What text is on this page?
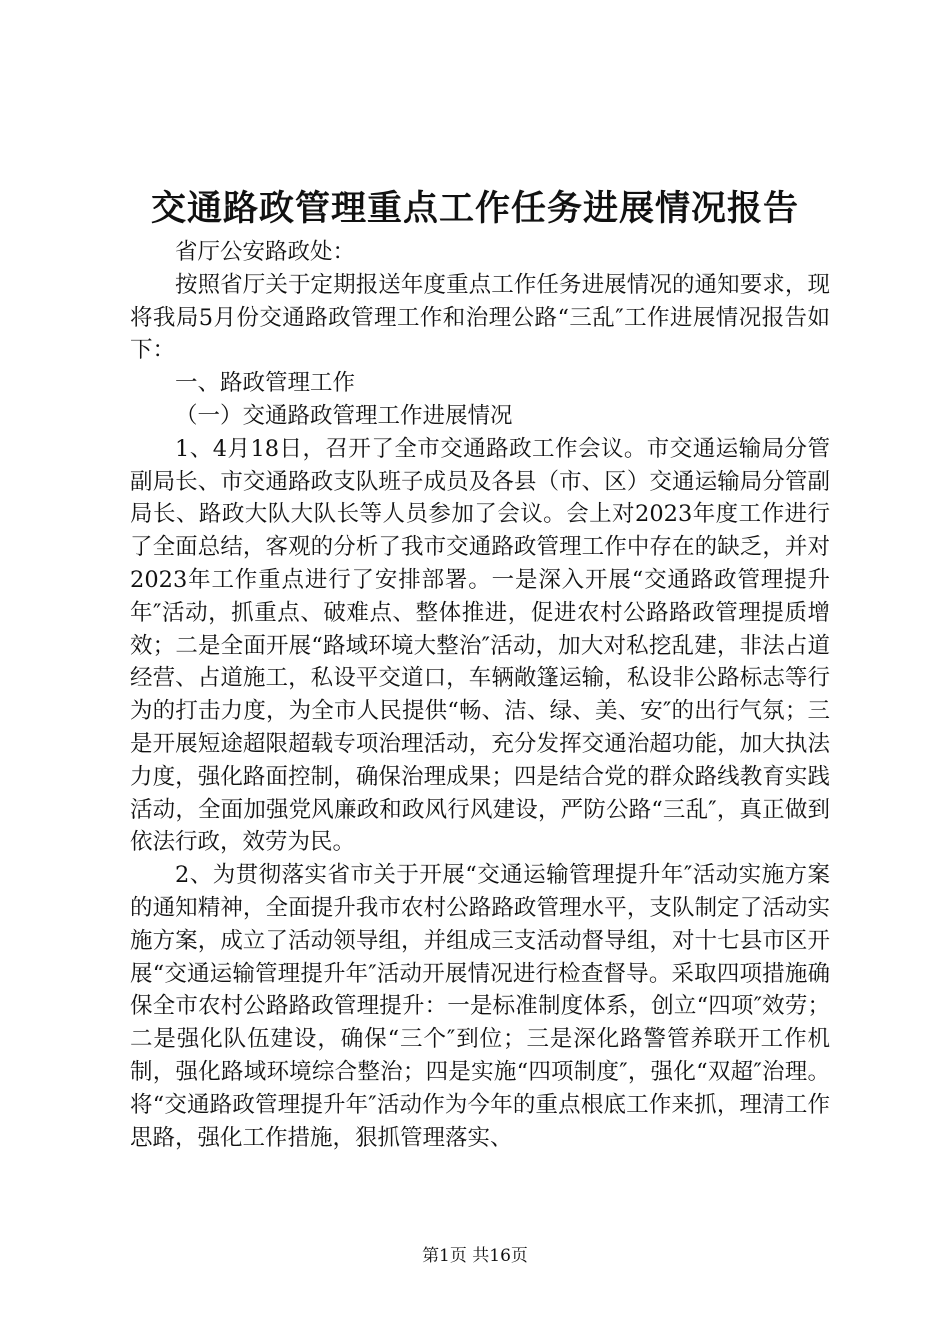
交通路政管理重点工作任务进展情况报告

省厅公安路政处：

按照省厅关于定期报送年度重点工作任务进展情况的通知要求，现将我局5月份交通路政管理工作和治理公路“三乱″工作进展情况报告如下：

一、路政管理工作

（一）交通路政管理工作进展情况

1、4月18日，召开了全市交通路政工作会议。市交通运输局分管副局长、市交通路政支队班子成员及各县（市、区）交通运输局分管副局长、路政大队大队长等人员参加了会议。会上对2023年度工作进行了全面总结，客观的分析了我市交通路政管理工作中存在的缺乏，并对2023年工作重点进行了安排部署。一是深入开展“交通路政管理提升年″活动，抓重点、破难点、整体推进，促进农村公路路政管理提质增效；二是全面开展“路域环境大整治″活动，加大对私挖乱建，非法占道经营、占道施工，私设平交道口，车辆敞篷运输，私设非公路标志等行为的打击力度，为全市人民提供“畅、洁、绿、美、安″的出行气氛；三是开展短途超限超载专项治理活动，充分发挥交通治超功能，加大执法力度，强化路面控制，确保治理成果；四是结合党的群众路线教育实践活动，全面加强党风廉政和政风行风建设，严防公路“三乱″，真正做到依法行政，效劳为民。

2、为贯彻落实省市关于开展“交通运输管理提升年″活动实施方案的通知精神，全面提升我市农村公路路政管理水平，支队制定了活动实施方案，成立了活动领导组，并组成三支活动督导组，对十七县市区开展“交通运输管理提升年″活动开展情况进行检查督导。采取四项措施确保全市农村公路路政管理提升：一是标准制度体系，创立“四项″效劳；二是强化队伍建设，确保“三个″到位；三是深化路警管养联开工作机制，强化路域环境综合整治；四是实施“四项制度″，强化“双超″治理。将“交通路政管理提升年″活动作为今年的重点根底工作来抓，理清工作思路，强化工作措施，狠抓管理落实、

第1页 共16页
